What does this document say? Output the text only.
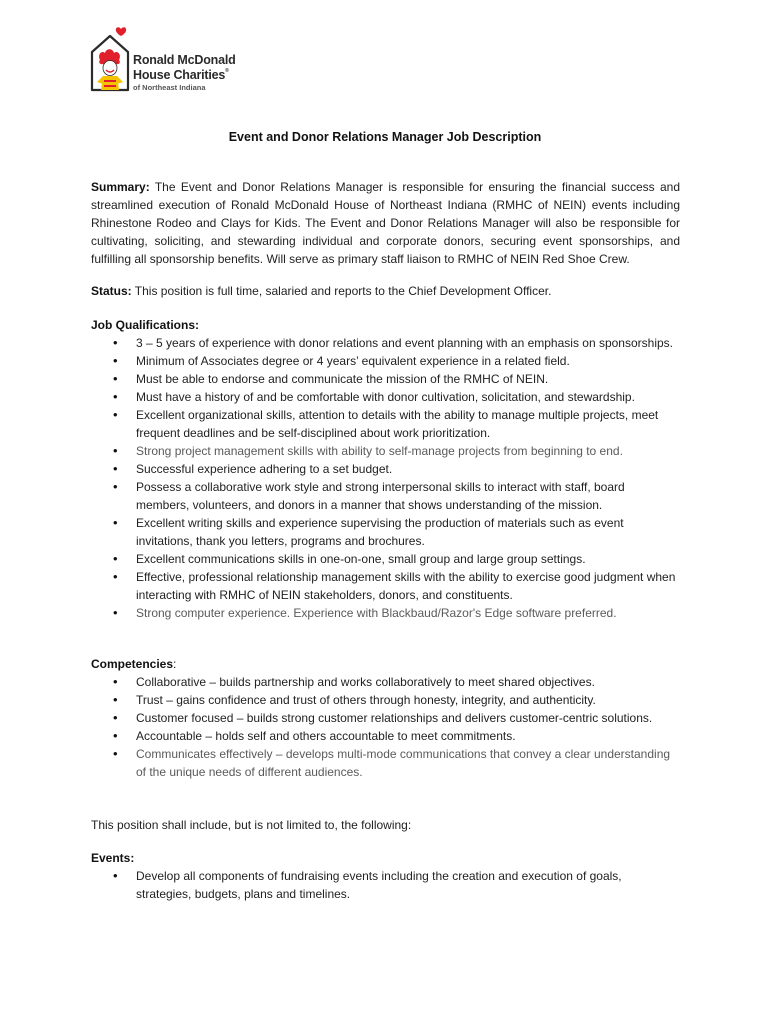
Ronald McDonald
House Charities®
of Northeast Indiana
Event and Donor Relations Manager Job Description
Summary: The Event and Donor Relations Manager is responsible for ensuring the financial success and streamlined execution of Ronald McDonald House of Northeast Indiana (RMHC of NEIN) events including Rhinestone Rodeo and Clays for Kids. The Event and Donor Relations Manager will also be responsible for cultivating, soliciting, and stewarding individual and corporate donors, securing event sponsorships, and fulfilling all sponsorship benefits. Will serve as primary staff liaison to RMHC of NEIN Red Shoe Crew.
Status: This position is full time, salaried and reports to the Chief Development Officer.
Job Qualifications:
• 3 – 5 years of experience with donor relations and event planning with an emphasis on sponsorships.
• Minimum of Associates degree or 4 years’ equivalent experience in a related field.
• Must be able to endorse and communicate the mission of the RMHC of NEIN.
• Must have a history of and be comfortable with donor cultivation, solicitation, and stewardship.
• Excellent organizational skills, attention to details with the ability to manage multiple projects, meet frequent deadlines and be self-disciplined about work prioritization.
• Strong project management skills with ability to self-manage projects from beginning to end.
• Successful experience adhering to a set budget.
• Possess a collaborative work style and strong interpersonal skills to interact with staff, board members, volunteers, and donors in a manner that shows understanding of the mission.
• Excellent writing skills and experience supervising the production of materials such as event invitations, thank you letters, programs and brochures.
• Excellent communications skills in one-on-one, small group and large group settings.
• Effective, professional relationship management skills with the ability to exercise good judgment when interacting with RMHC of NEIN stakeholders, donors, and constituents.
• Strong computer experience. Experience with Blackbaud/Razor's Edge software preferred.
Competencies:
• Collaborative – builds partnership and works collaboratively to meet shared objectives.
• Trust – gains confidence and trust of others through honesty, integrity, and authenticity.
• Customer focused – builds strong customer relationships and delivers customer-centric solutions.
• Accountable – holds self and others accountable to meet commitments.
• Communicates effectively – develops multi-mode communications that convey a clear understanding of the unique needs of different audiences.
This position shall include, but is not limited to, the following:
Events:
• Develop all components of fundraising events including the creation and execution of goals, strategies, budgets, plans and timelines.
